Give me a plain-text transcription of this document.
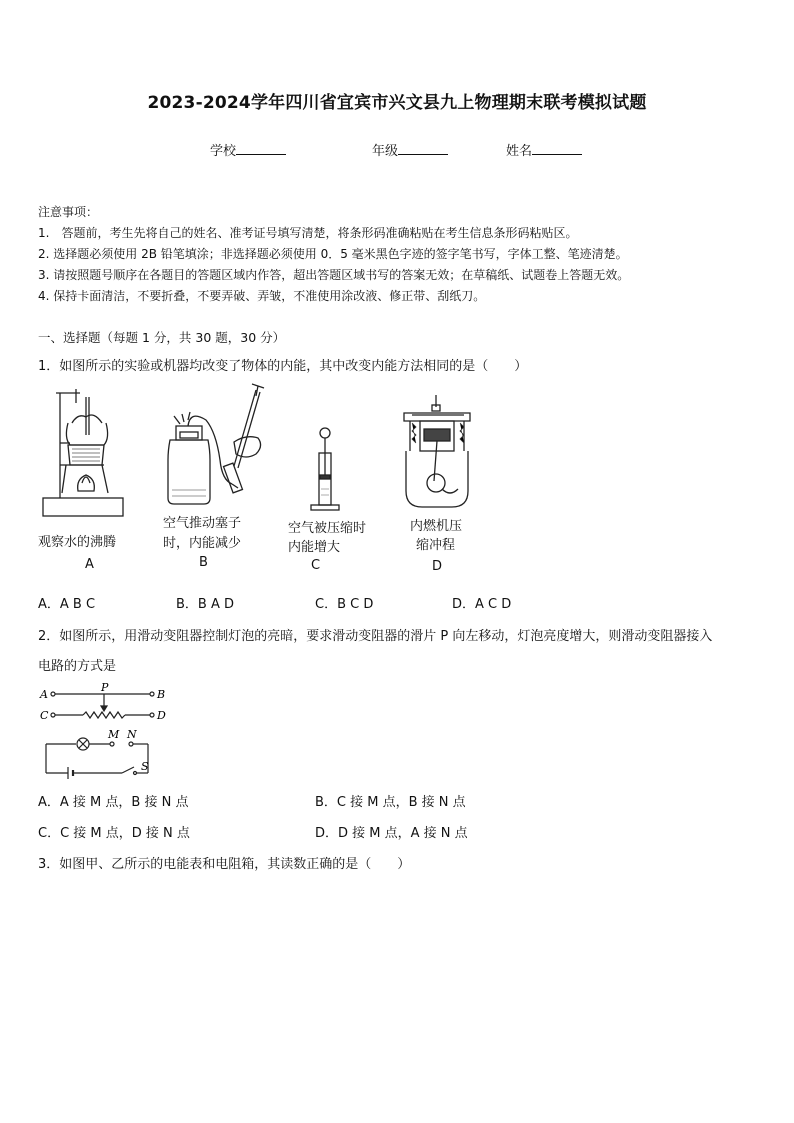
2023-2024学年四川省宜宾市兴文县九上物理期末联考模拟试题
学校	年级	姓名
注意事项：
1.　答题前，考生先将自己的姓名、准考证号填写清楚，将条形码准确粘贴在考生信息条形码粘贴区。
2. 选择题必须使用 2B 铅笔填涂；非选择题必须使用 0．5 毫米黑色字迹的签字笔书写，字体工整、笔迹清楚。
3. 请按照题号顺序在各题目的答题区域内作答，超出答题区域书写的答案无效；在草稿纸、试题卷上答题无效。
4. 保持卡面清洁，不要折叠，不要弄破、弄皱，不准使用涂改液、修正带、刮纸刀。
一、选择题（每题 1 分，共 30 题，30 分）
1．如图所示的实验或机器均改变了物体的内能，其中改变内能方法相同的是（　　）
观察水的沸腾
A
空气推动塞子
时，内能减少
B
空气被压缩时
内能增大
C
内燃机压
缩冲程
D
A．A B C	B．B A D	C．B C D	D．A C D
2．如图所示，用滑动变阻器控制灯泡的亮暗，要求滑动变阻器的滑片 P 向左移动，灯泡亮度增大，则滑动变阻器接入
电路的方式是
A	B
C	D
P
M N
S
A．A 接 M 点，B 接 N 点	B．C 接 M 点，B 接 N 点
C．C 接 M 点，D 接 N 点	D．D 接 M 点，A 接 N 点
3．如图甲、乙所示的电能表和电阻箱，其读数正确的是（　　）
